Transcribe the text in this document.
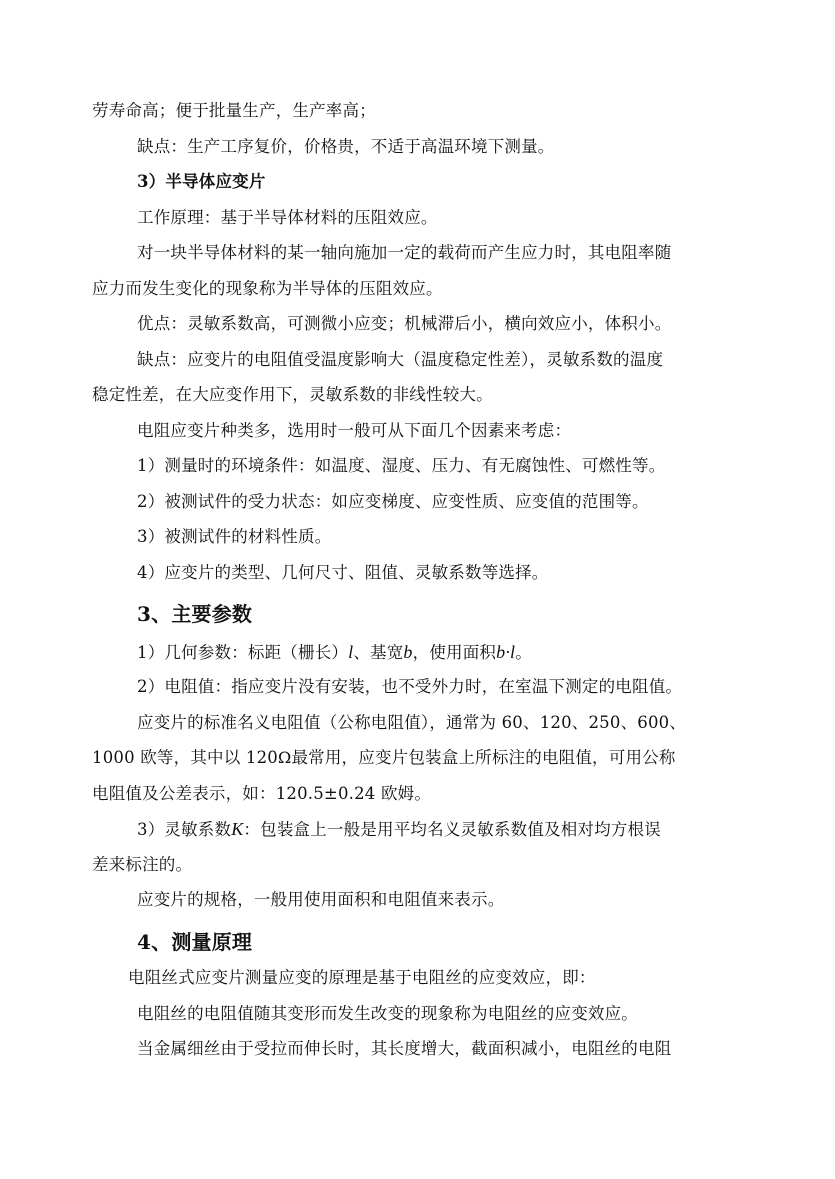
劳寿命高；便于批量生产，生产率高；
缺点：生产工序复价，价格贵，不适于高温环境下测量。
3）半导体应变片
工作原理：基于半导体材料的压阻效应。
对一块半导体材料的某一轴向施加一定的载荷而产生应力时，其电阻率随
应力而发生变化的现象称为半导体的压阻效应。
优点：灵敏系数高，可测微小应变；机械滞后小，横向效应小，体积小。
缺点：应变片的电阻值受温度影响大（温度稳定性差），灵敏系数的温度
稳定性差，在大应变作用下，灵敏系数的非线性较大。
电阻应变片种类多，选用时一般可从下面几个因素来考虑：
1）测量时的环境条件：如温度、湿度、压力、有无腐蚀性、可燃性等。
2）被测试件的受力状态：如应变梯度、应变性质、应变值的范围等。
3）被测试件的材料性质。
4）应变片的类型、几何尺寸、阻值、灵敏系数等选择。
3、主要参数
1）几何参数：标距（栅长）l、基宽b，使用面积b·l。
2）电阻值：指应变片没有安装，也不受外力时，在室温下测定的电阻值。
应变片的标准名义电阻值（公称电阻值），通常为 60、120、250、600、
1000 欧等，其中以 120Ω最常用，应变片包装盒上所标注的电阻值，可用公称
电阻值及公差表示，如：120.5±0.24 欧姆。
3）灵敏系数K：包装盒上一般是用平均名义灵敏系数值及相对均方根误
差来标注的。
应变片的规格，一般用使用面积和电阻值来表示。
4、测量原理
电阻丝式应变片测量应变的原理是基于电阻丝的应变效应，即：
电阻丝的电阻值随其变形而发生改变的现象称为电阻丝的应变效应。
当金属细丝由于受拉而伸长时，其长度增大，截面积减小，电阻丝的电阻
